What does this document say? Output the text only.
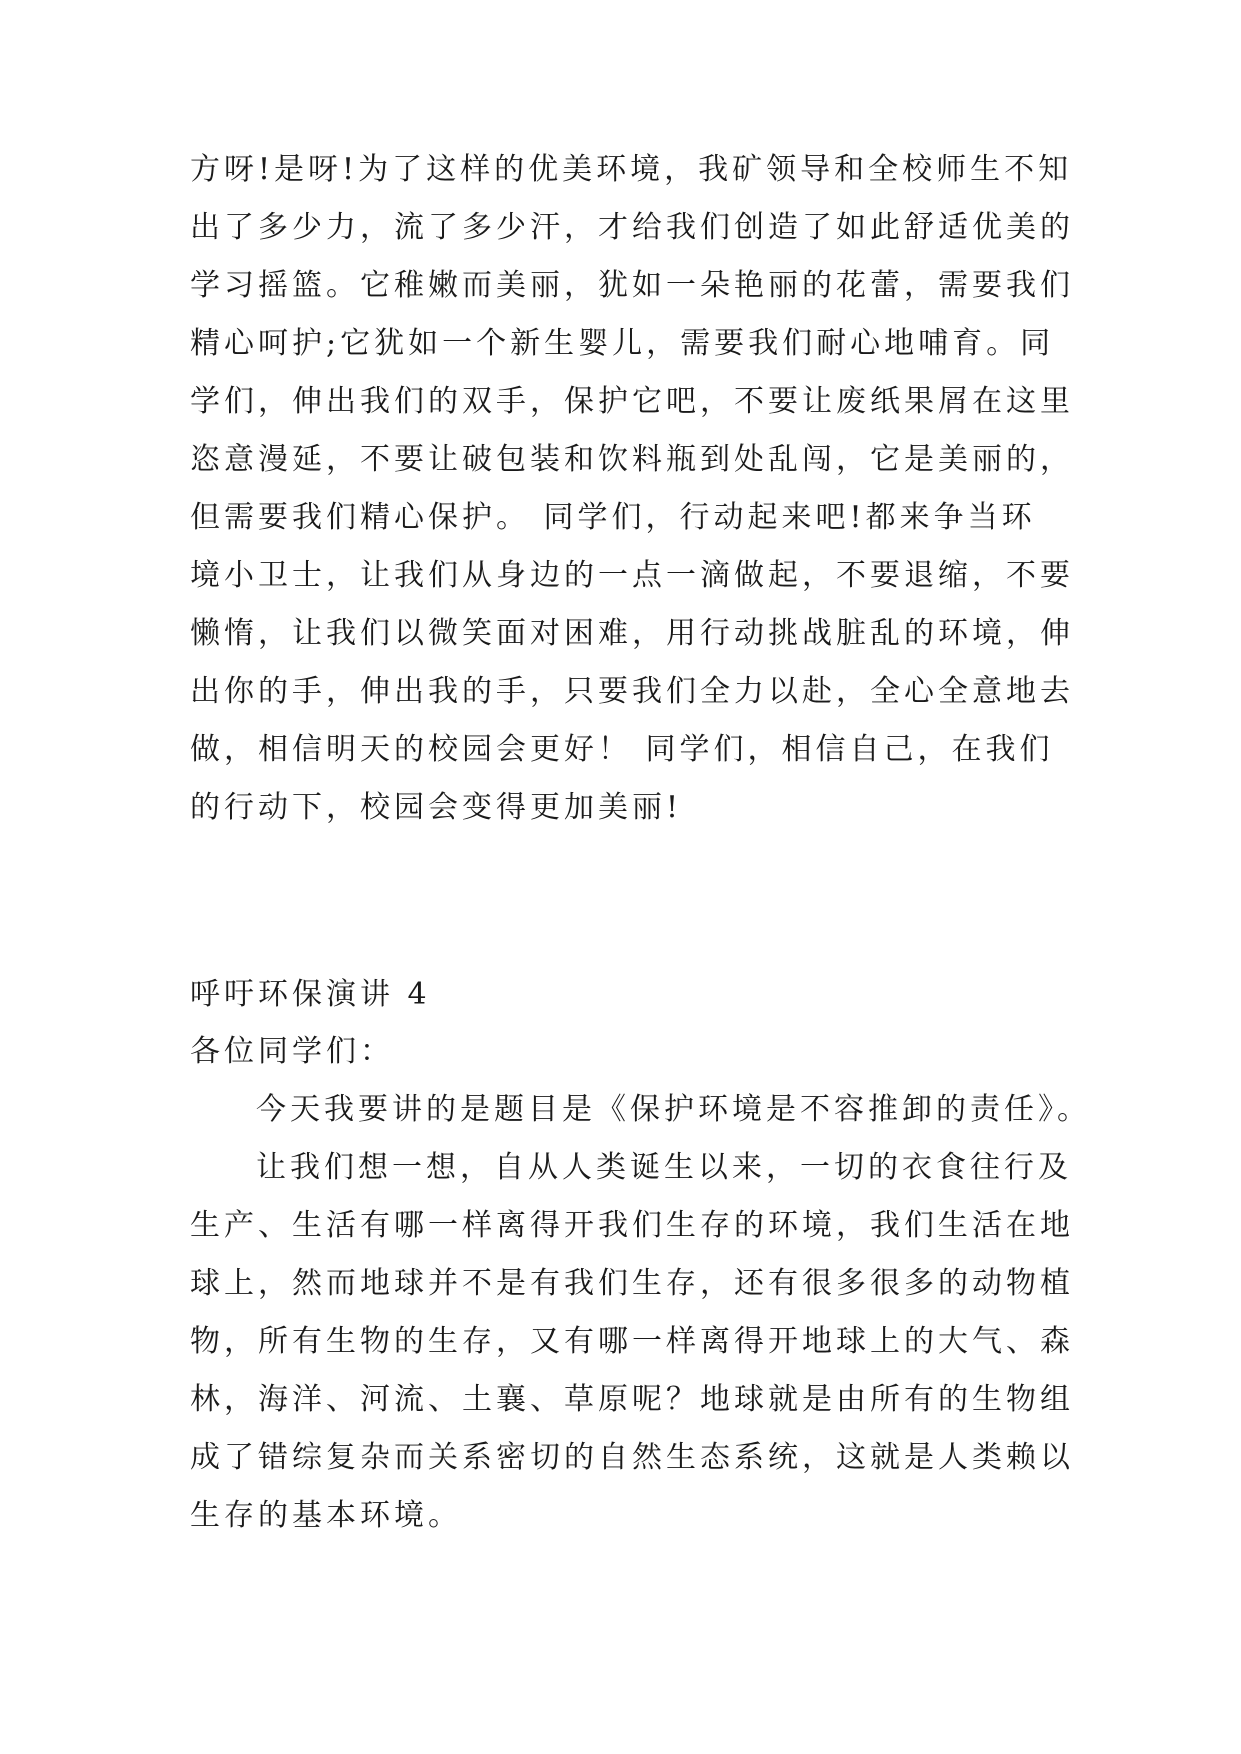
方呀!是呀!为了这样的优美环境，我矿领导和全校师生不知
出了多少力，流了多少汗，才给我们创造了如此舒适优美的
学习摇篮。它稚嫩而美丽，犹如一朵艳丽的花蕾，需要我们
精心呵护;它犹如一个新生婴儿，需要我们耐心地哺育。同
学们，伸出我们的双手，保护它吧，不要让废纸果屑在这里
恣意漫延，不要让破包装和饮料瓶到处乱闯，它是美丽的，
但需要我们精心保护。 同学们，行动起来吧!都来争当环
境小卫士，让我们从身边的一点一滴做起，不要退缩，不要
懒惰，让我们以微笑面对困难，用行动挑战脏乱的环境，伸
出你的手，伸出我的手，只要我们全力以赴，全心全意地去
做，相信明天的校园会更好！ 同学们，相信自己，在我们
的行动下，校园会变得更加美丽!
呼吁环保演讲 4
各位同学们：
今天我要讲的是题目是《保护环境是不容推卸的责任》。
让我们想一想，自从人类诞生以来，一切的衣食往行及
生产、生活有哪一样离得开我们生存的环境，我们生活在地
球上，然而地球并不是有我们生存，还有很多很多的动物植
物，所有生物的生存，又有哪一样离得开地球上的大气、森
林，海洋、河流、土襄、草原呢？地球就是由所有的生物组
成了错综复杂而关系密切的自然生态系统，这就是人类赖以
生存的基本环境。
